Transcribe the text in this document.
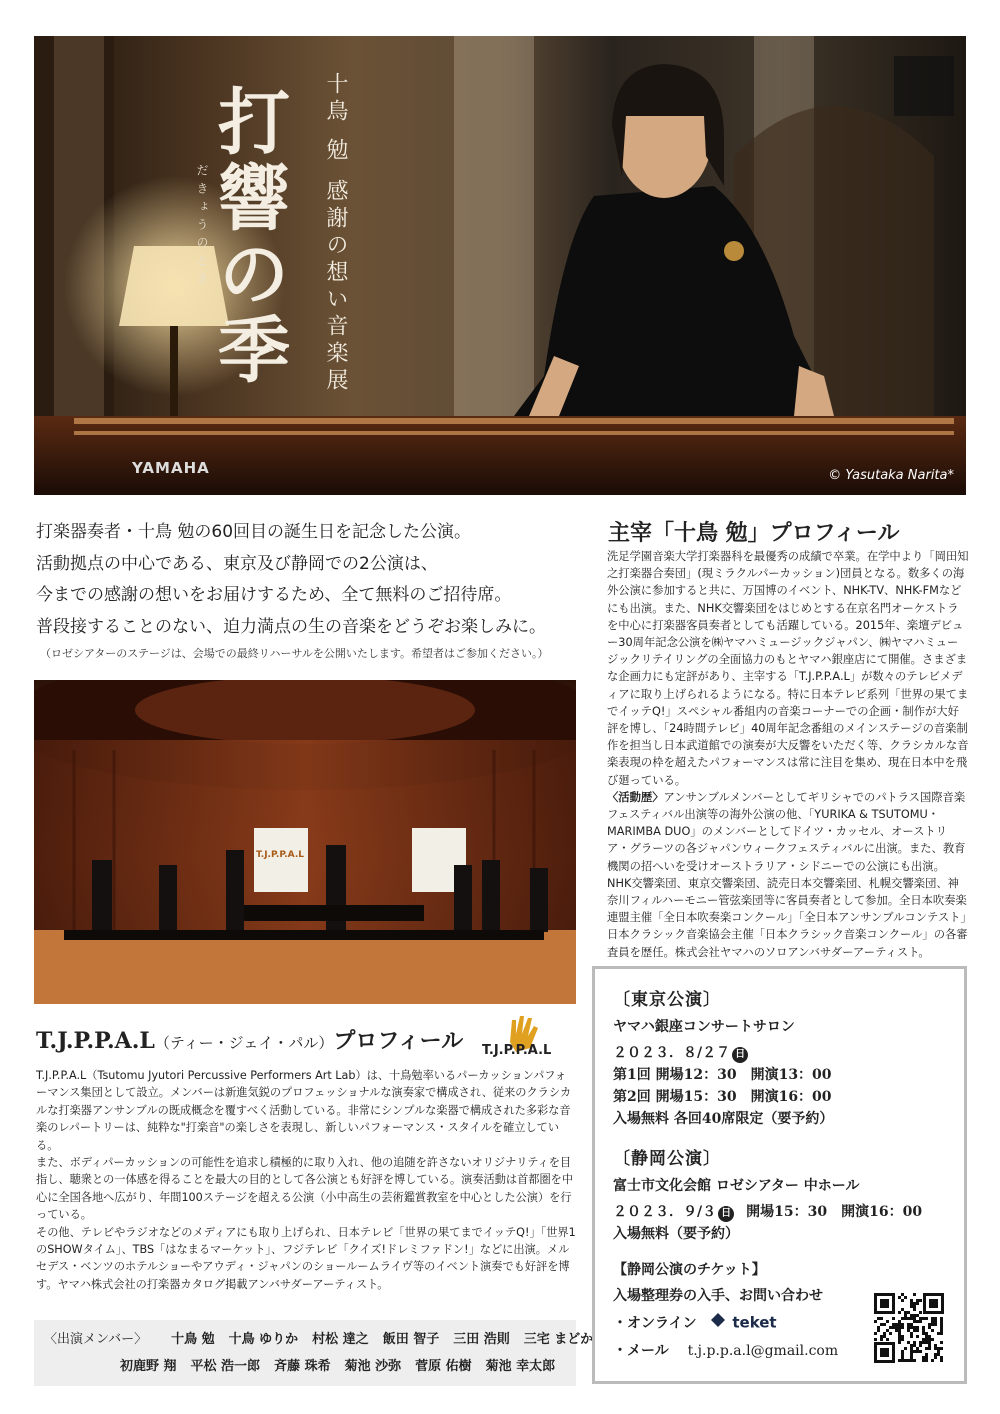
打響の季
だきょうのとき
十鳥 勉感謝の想い音楽展
YAMAHA	© Yasutaka Narita*
打楽器奏者・十鳥 勉の60回目の誕生日を記念した公演。
活動拠点の中心である、東京及び静岡での2公演は、
今までの感謝の想いをお届けするため、全て無料のご招待席。
普段接することのない、迫力満点の生の音楽をどうぞお楽しみに。
（ロゼシアターのステージは、会場での最終リハーサルを公開いたします。希望者はご参加ください。）
T.J.P.P.A.L
T.J.P.P.A.L（ティー・ジェイ・パル）プロフィール T.J.P.P.A.L

T.J.P.P.A.L（Tsutomu Jyutori Percussive Performers Art Lab）は、十鳥勉率いるパーカッションパフォーマンス集団として設立。メンバーは新進気鋭のプロフェッショナルな演奏家で構成され、従来のクラシカルな打楽器アンサンブルの既成概念を覆すべく活動している。非常にシンプルな楽器で構成された多彩な音楽のレパートリーは、純粋な"打楽音"の楽しさを表現し、新しいパフォーマンス・スタイルを確立している。

また、ボディパーカッションの可能性を追求し積極的に取り入れ、他の追随を許さないオリジナリティを目指し、聴衆との一体感を得ることを最大の目的として各公演とも好評を博している。演奏活動は首都圏を中心に全国各地へ広がり、年間100ステージを超える公演（小中高生の芸術鑑賞教室を中心とした公演）を行っている。

その他、テレビやラジオなどのメディアにも取り上げられ、日本テレビ「世界の果てまでイッテQ!」「世界1のSHOWタイム」、TBS「はなまるマーケット」、フジテレビ「クイズ!ドレミファドン!」などに出演。メルセデス・ベンツのホテルショーやアウディ・ジャパンのショールームライヴ等のイベント演奏でも好評を博す。ヤマハ株式会社の打楽器カタログ掲載アンバサダーアーティスト。

〈出演メンバー〉 十鳥 勉 十鳥 ゆりか 村松 達之 飯田 智子 三田 浩則 三宅 まどか
初鹿野 翔 平松 浩一郎 斉藤 珠希 菊池 沙弥 菅原 佑樹 菊池 幸太郎
主宰「十鳥 勉」プロフィール

洗足学園音楽大学打楽器科を最優秀の成績で卒業。在学中より「岡田知之打楽器合奏団」(現ミラクルパーカッション)団員となる。数多くの海外公演に参加すると共に、万国博のイベント、NHK-TV、NHK-FMなどにも出演。また、NHK交響楽団をはじめとする在京名門オーケストラを中心に打楽器客員奏者としても活躍している。2015年、楽壇デビュー30周年記念公演を㈱ヤマハミュージックジャパン、㈱ヤマハミュージックリテイリングの全面協力のもとヤマハ銀座店にて開催。さまざまな企画力にも定評があり、主宰する「T.J.P.P.A.L」が数々のテレビメディアに取り上げられるようになる。特に日本テレビ系列「世界の果てまでイッテQ!」スペシャル番組内の音楽コーナーでの企画・制作が大好評を博し、「24時間テレビ」40周年記念番組のメインステージの音楽制作を担当し日本武道館での演奏が大反響をいただく等、クラシカルな音楽表現の枠を超えたパフォーマンスは常に注目を集め、現在日本中を飛び廻っている。

〈活動歴〉アンサンブルメンバーとしてギリシャでのパトラス国際音楽フェスティバル出演等の海外公演の他、「YURIKA & TSUTOMU・MARIMBA DUO」のメンバーとしてドイツ・カッセル、オーストリア・グラーツの各ジャパンウィークフェスティバルに出演。また、教育機関の招へいを受けオーストラリア・シドニーでの公演にも出演。NHK交響楽団、東京交響楽団、読売日本交響楽団、札幌交響楽団、神奈川フィルハーモニー管弦楽団等に客員奏者として参加。全日本吹奏楽連盟主催「全日本吹奏楽コンクール」「全日本アンサンブルコンテスト」日本クラシック音楽協会主催「日本クラシック音楽コンクール」の各審査員を歴任。株式会社ヤマハのソロアンバサダーアーティスト。

〔東京公演〕
ヤマハ銀座コンサートサロン
２０２３．８/２７ 日
第1回 開場12：30　開演13：00
第2回 開場15：30　開演16：00
入場無料 各回40席限定（要予約）
〔静岡公演〕
富士市文化会館 ロゼシアター 中ホール
２０２３．９/３ 日 開場15：30　開演16：00
入場無料（要予約）
【静岡公演のチケット】
入場整理券の入手、お問い合わせ
・オンライン teket
・メール t.j.p.p.a.l@gmail.com
